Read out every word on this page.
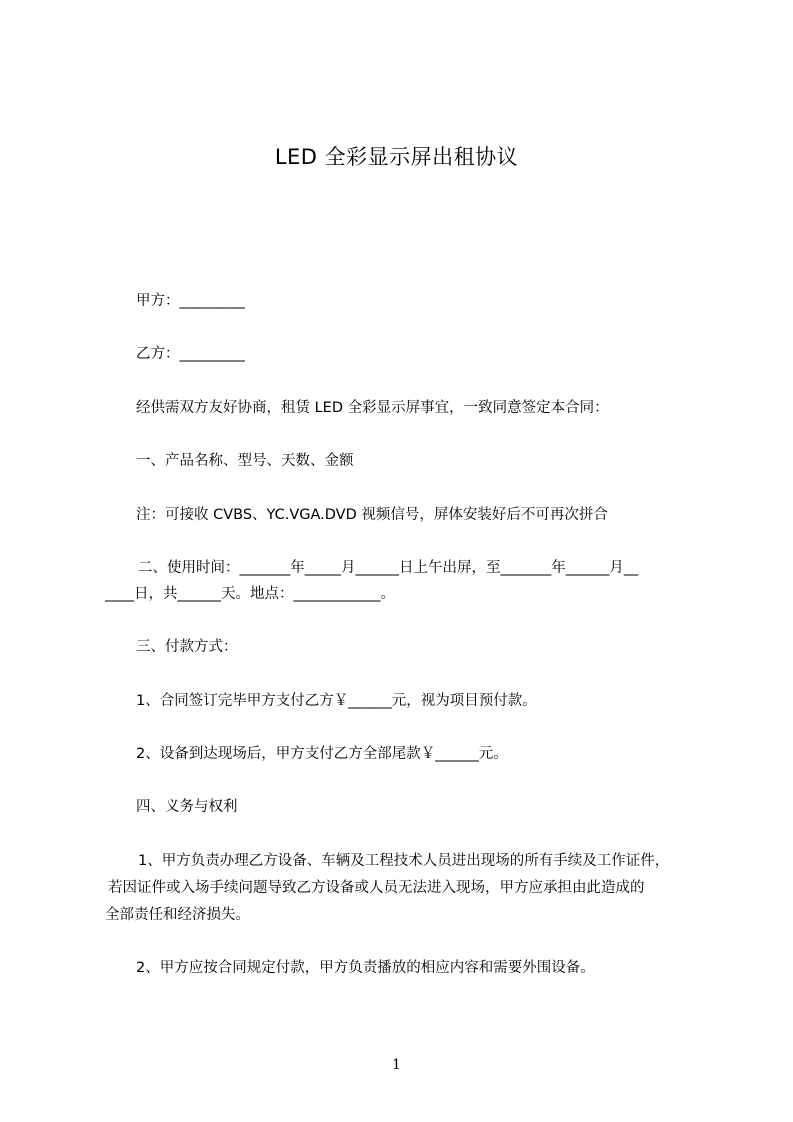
LED 全彩显示屏出租协议
甲方：_________
乙方：_________
经供需双方友好协商，租赁 LED 全彩显示屏事宜，一致同意签定本合同：
一、产品名称、型号、天数、金额
注：可接收 CVBS、YC.VGA.DVD 视频信号，屏体安装好后不可再次拼合
二、使用时间：_______年_____月______日上午出屏，至_______年______月__
____日，共______天。地点：____________。
三、付款方式：
1、合同签订完毕甲方支付乙方￥______元，视为项目预付款。
2、设备到达现场后，甲方支付乙方全部尾款￥______元。
四、义务与权利
1、甲方负责办理乙方设备、车辆及工程技术人员进出现场的所有手续及工作证件，
若因证件或入场手续问题导致乙方设备或人员无法进入现场，甲方应承担由此造成的
全部责任和经济损失。
2、甲方应按合同规定付款，甲方负责播放的相应内容和需要外围设备。
1
